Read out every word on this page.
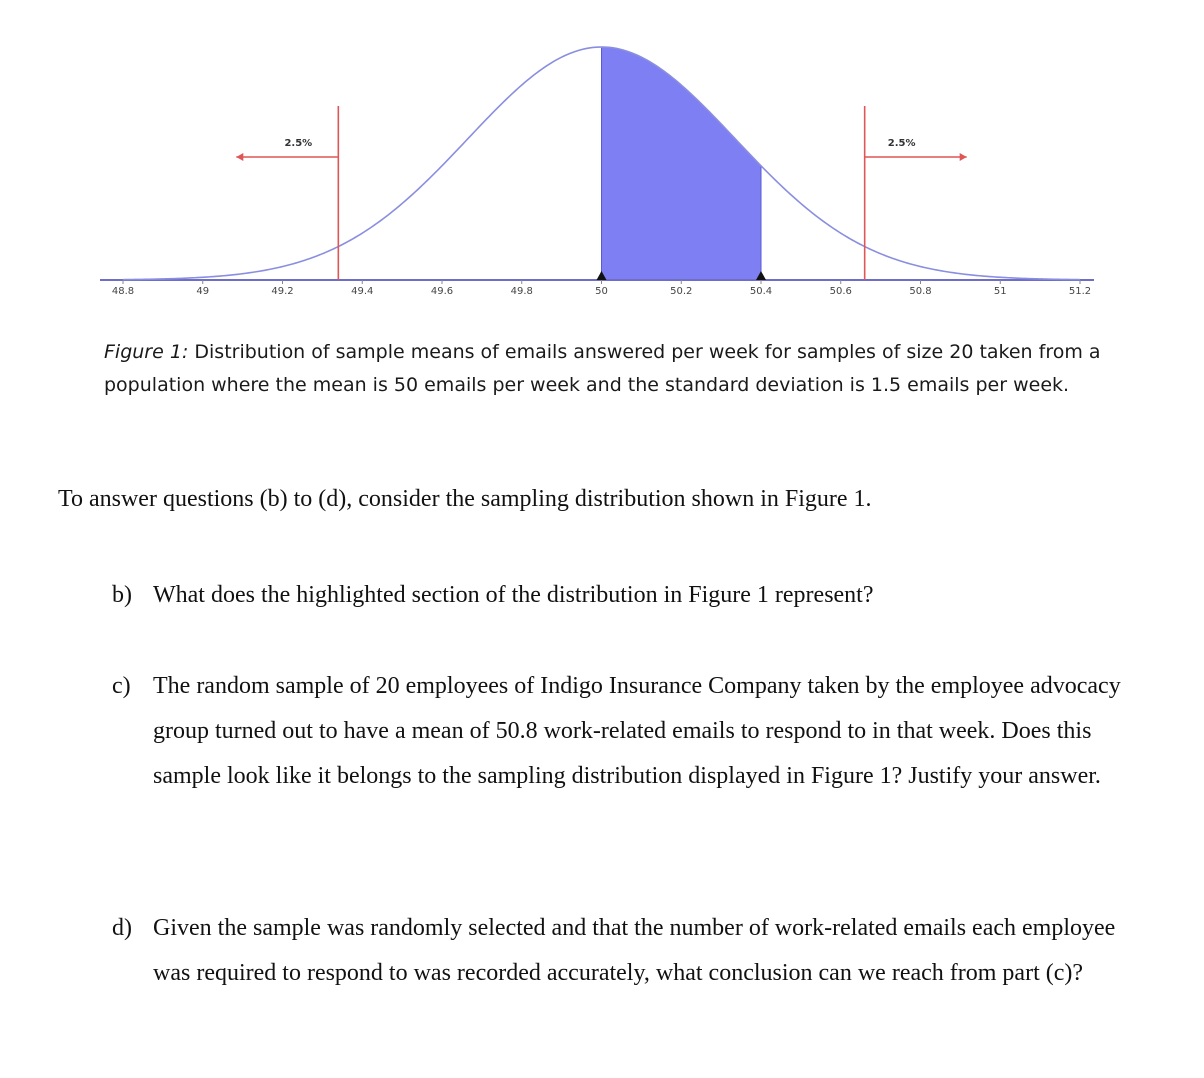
48.8	49	49.2	49.4	49.6	49.8	50	50.2	50.4	50.6	50.8	51	51.2
2.5%	2.5%
Figure 1: Distribution of sample means of emails answered per week for samples of size 20 taken from a population where the mean is 50 emails per week and the standard deviation is 1.5 emails per week.
To answer questions (b) to (d), consider the sampling distribution shown in Figure 1.
b) What does the highlighted section of the distribution in Figure 1 represent?
c) The random sample of 20 employees of Indigo Insurance Company taken by the employee advocacy group turned out to have a mean of 50.8 work-related emails to respond to in that week. Does this sample look like it belongs to the sampling distribution displayed in Figure 1? Justify your answer.
d) Given the sample was randomly selected and that the number of work-related emails each employee was required to respond to was recorded accurately, what conclusion can we reach from part (c)?
